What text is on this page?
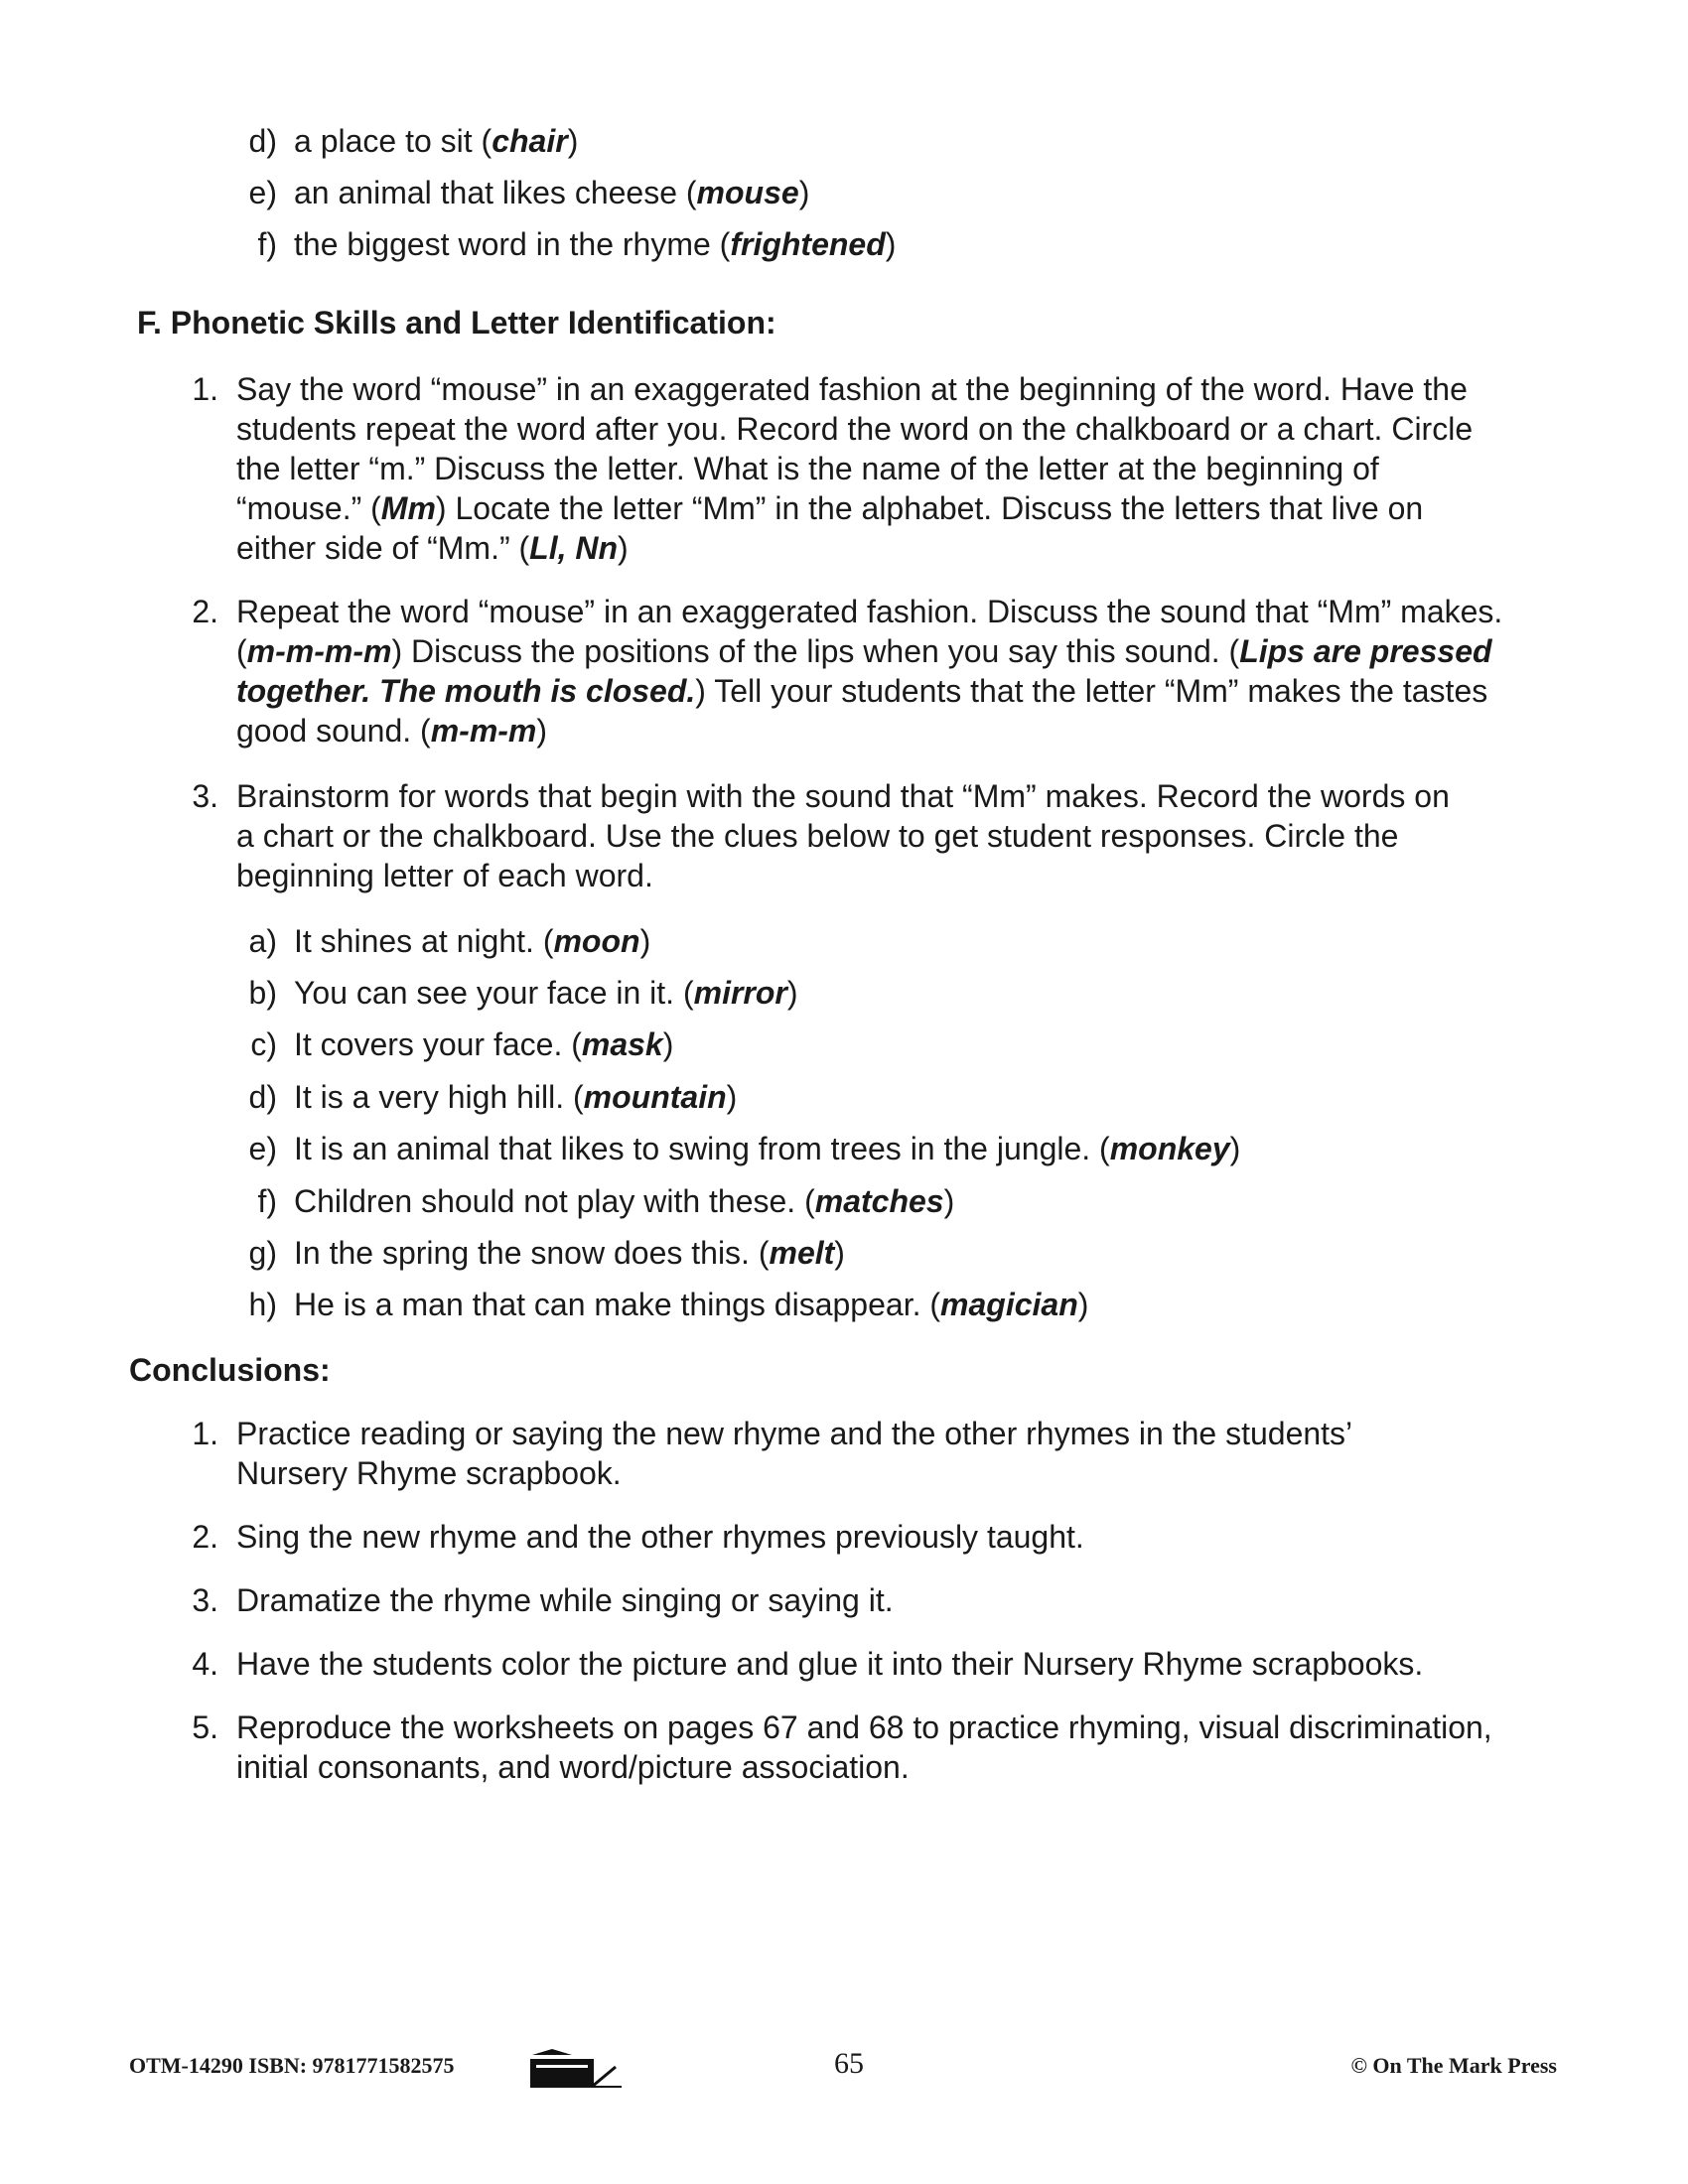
d) a place to sit (chair)
e) an animal that likes cheese (mouse)
f) the biggest word in the rhyme (frightened)
F. Phonetic Skills and Letter Identification:
1. Say the word “mouse” in an exaggerated fashion at the beginning of the word. Have the
students repeat the word after you. Record the word on the chalkboard or a chart. Circle
the letter “m.” Discuss the letter. What is the name of the letter at the beginning of
“mouse.” (Mm) Locate the letter “Mm” in the alphabet. Discuss the letters that live on
either side of “Mm.” (Ll, Nn)
2. Repeat the word “mouse” in an exaggerated fashion. Discuss the sound that “Mm” makes.
(m-m-m-m) Discuss the positions of the lips when you say this sound. (Lips are pressed
together. The mouth is closed.) Tell your students that the letter “Mm” makes the tastes
good sound. (m-m-m)
3. Brainstorm for words that begin with the sound that “Mm” makes. Record the words on
a chart or the chalkboard. Use the clues below to get student responses. Circle the
beginning letter of each word.
a) It shines at night. (moon)
b) You can see your face in it. (mirror)
c) It covers your face. (mask)
d) It is a very high hill. (mountain)
e) It is an animal that likes to swing from trees in the jungle. (monkey)
f) Children should not play with these. (matches)
g) In the spring the snow does this. (melt)
h) He is a man that can make things disappear. (magician)
Conclusions:
1. Practice reading or saying the new rhyme and the other rhymes in the students’
Nursery Rhyme scrapbook.
2. Sing the new rhyme and the other rhymes previously taught.
3. Dramatize the rhyme while singing or saying it.
4. Have the students color the picture and glue it into their Nursery Rhyme scrapbooks.
5. Reproduce the worksheets on pages 67 and 68 to practice rhyming, visual discrimination,
initial consonants, and word/picture association.
OTM-14290 ISBN: 9781771582575	65	© On The Mark Press
